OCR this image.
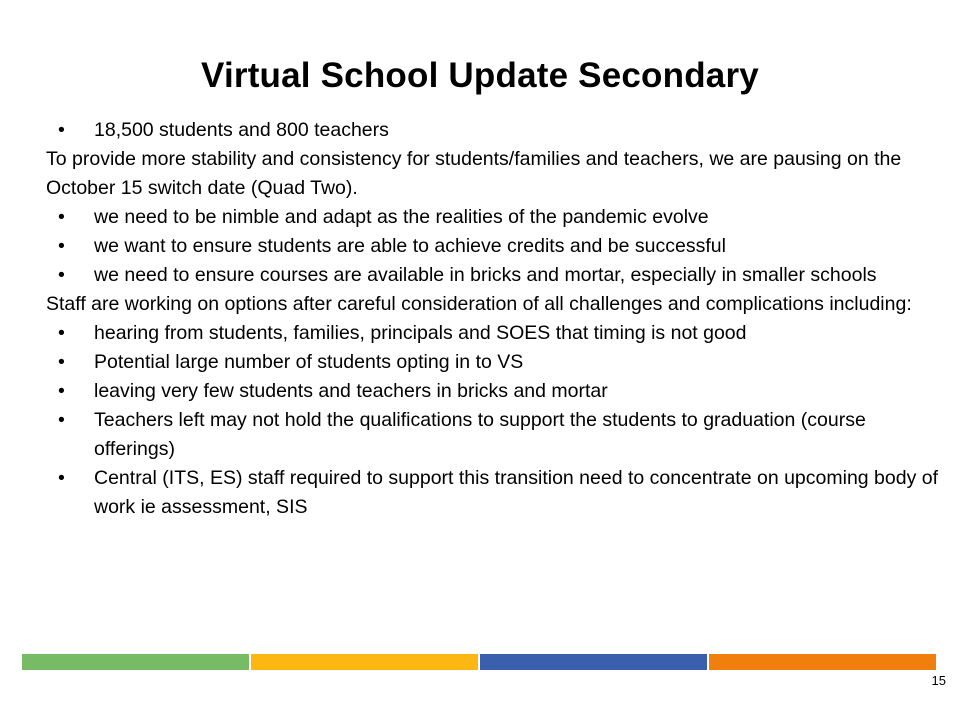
Virtual School Update Secondary
• 18,500 students and 800 teachers

To provide more stability and consistency for students/families and teachers, we are pausing on the October 15 switch date (Quad Two).

• we need to be nimble and adapt as the realities of the pandemic evolve
• we want to ensure students are able to achieve credits and be successful
• we need to ensure courses are available in bricks and mortar, especially in smaller schools

Staff are working on options after careful consideration of all challenges and complications including:

• hearing from students, families, principals and SOES that timing is not good
• Potential large number of students opting in to VS
• leaving very few students and teachers in bricks and mortar
• Teachers left may not hold the qualifications to support the students to graduation (course offerings)
• Central (ITS, ES) staff required to support this transition need to concentrate on upcoming body of work ie assessment, SIS
15
